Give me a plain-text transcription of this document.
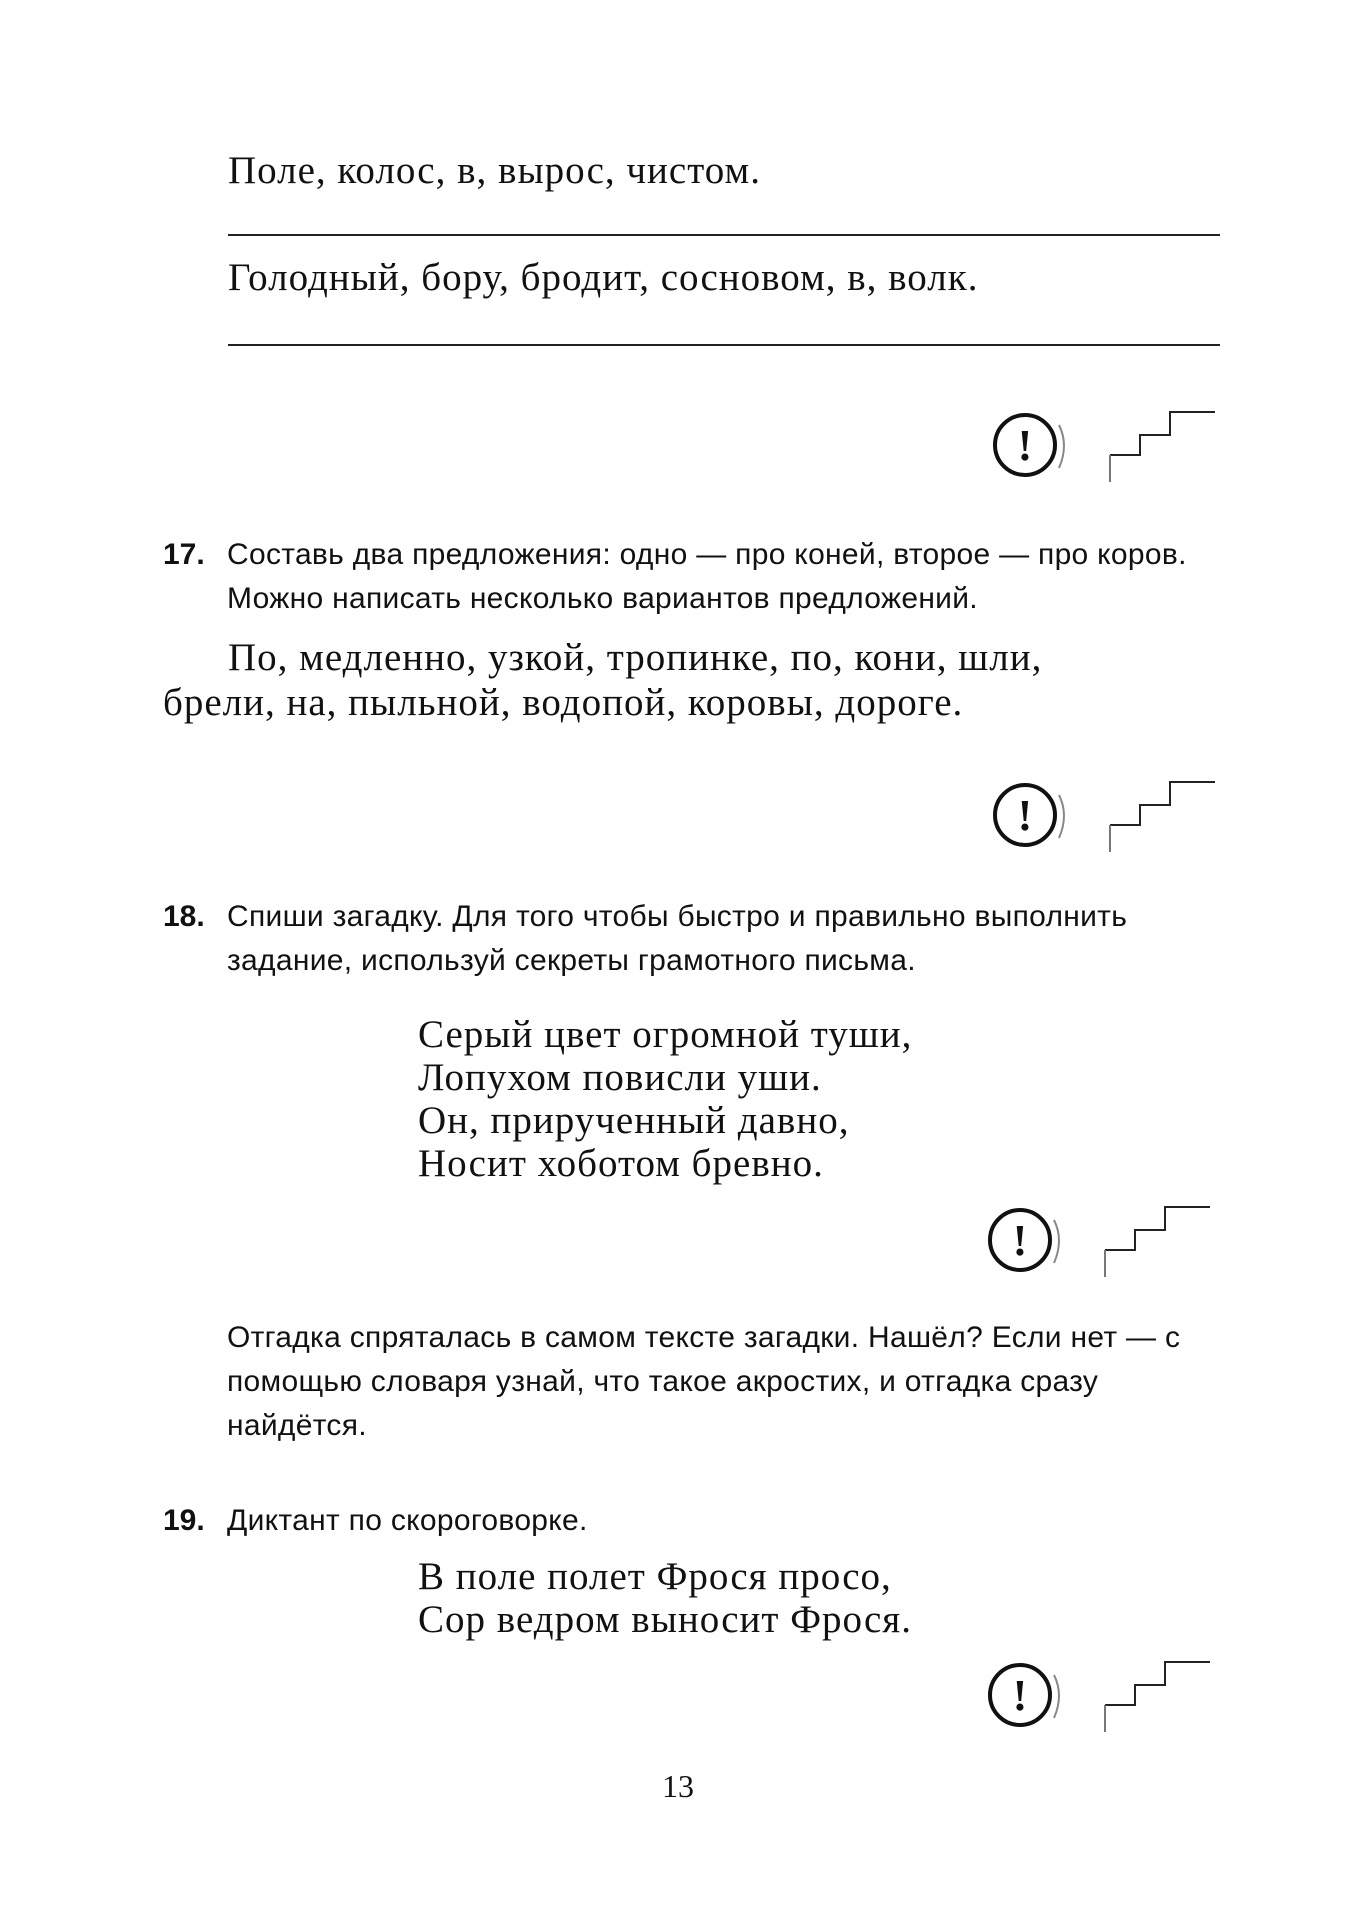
Поле, колос, в, вырос, чистом.
Голодный, бору, бродит, сосновом, в, волк.
!
17. Составь два предложения: одно — про коней, второе — про коров. Можно написать несколько вариантов предложений.
По, медленно, узкой, тропинке, по, кони, шли,
брели, на, пыльной, водопой, коровы, дороге.
!
18. Спиши загадку. Для того чтобы быстро и правильно выполнить задание, используй секреты грамотного письма.
Серый цвет огромной туши,
Лопухом повисли уши.
Он, прирученный давно,
Носит хоботом бревно.
!
Отгадка спряталась в самом тексте загадки. Нашёл? Если нет — с помощью словаря узнай, что такое акростих, и отгадка сразу найдётся.
19. Диктант по скороговорке.
В поле полет Фрося просо,
Сор ведром выносит Фрося.
!
13
